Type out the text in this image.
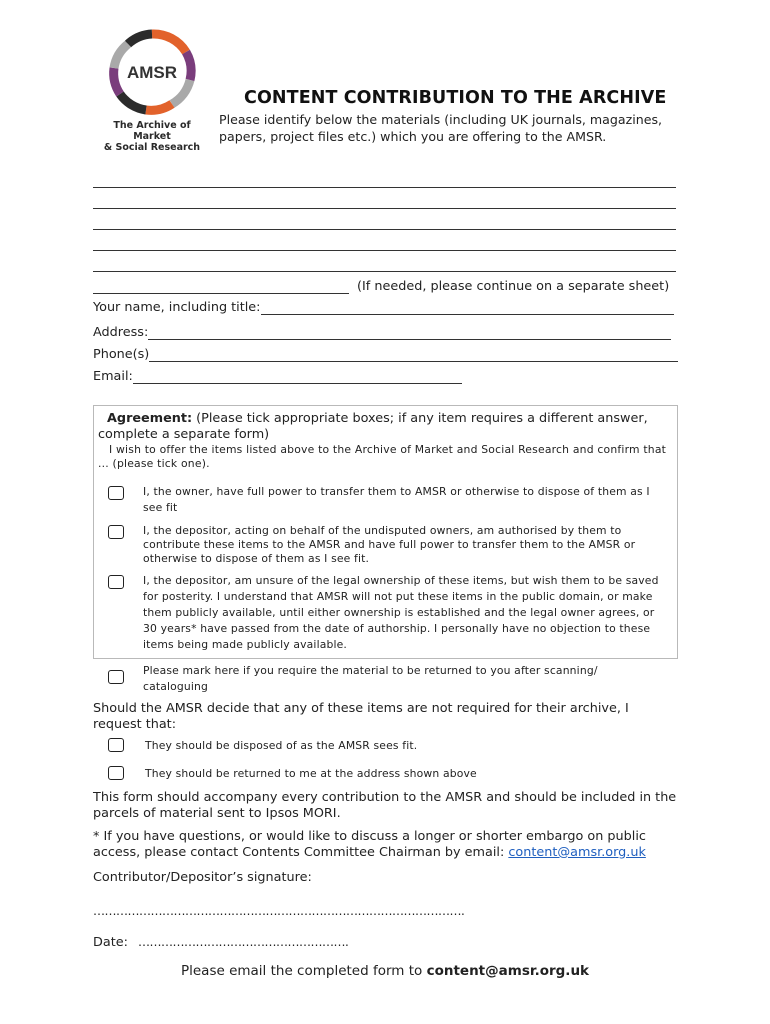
AMSR
The Archive of Market
& Social Research
CONTENT CONTRIBUTION TO THE ARCHIVE
Please identify below the materials (including UK journals, magazines, papers, project files etc.) which you are offering to the AMSR.
(If needed, please continue on a separate sheet)
Your name, including title:
Address:
Phone(s)
Email:
Agreement: (Please tick appropriate boxes; if any item requires a different answer, complete a separate form)
I wish to offer the items listed above to the Archive of Market and Social Research and confirm that ... (please tick one).
I, the owner, have full power to transfer them to AMSR or otherwise to dispose of them as I see fit
I, the depositor, acting on behalf of the undisputed owners, am authorised by them to contribute these items to the AMSR and have full power to transfer them to the AMSR or otherwise to dispose of them as I see fit.
I, the depositor, am unsure of the legal ownership of these items, but wish them to be saved for posterity. I understand that AMSR will not put these items in the public domain, or make them publicly available, until either ownership is established and the legal owner agrees, or 30 years* have passed from the date of authorship. I personally have no objection to these items being made publicly available.
Please mark here if you require the material to be returned to you after scanning/ cataloguing
Should the AMSR decide that any of these items are not required for their archive, I request that:
They should be disposed of as the AMSR sees fit.
They should be returned to me at the address shown above
This form should accompany every contribution to the AMSR and should be included in the parcels of material sent to Ipsos MORI.
* If you have questions, or would like to discuss a longer or shorter embargo on public access, please contact Contents Committee Chairman by email: content@amsr.org.uk
Contributor/Depositor’s signature:
…………………………………………………………………………………….
Date: ……………………………………………….
Please email the completed form to content@amsr.org.uk
